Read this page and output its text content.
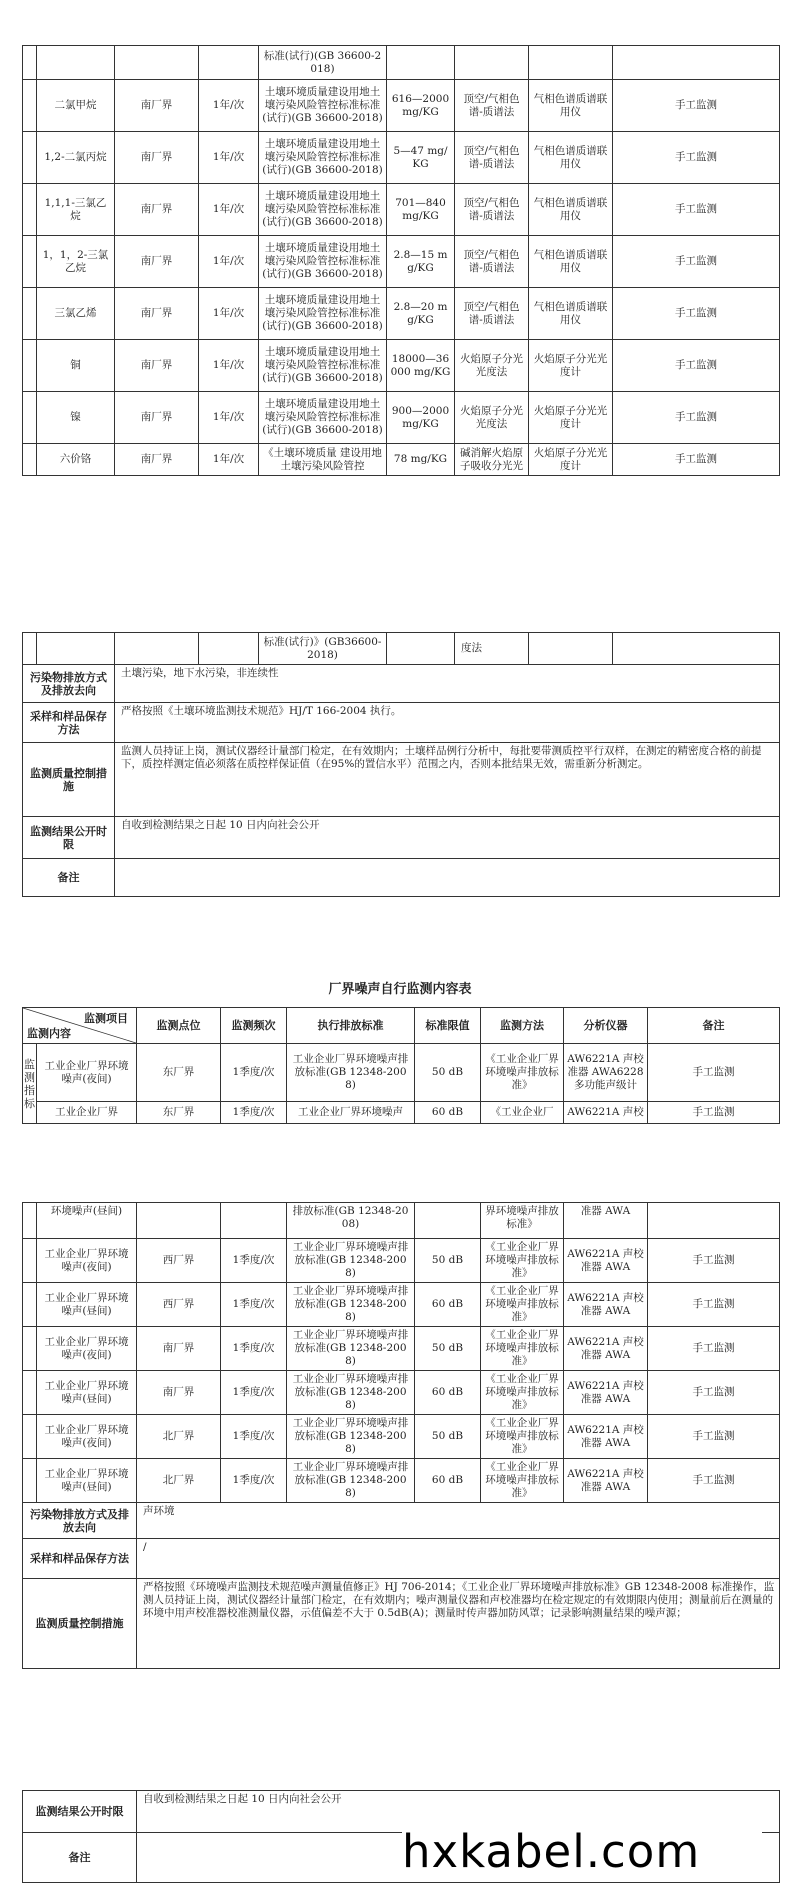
				标准(试行)(GB 36600-2018)				
	二氯甲烷	南厂界	1年/次	土壤环境质量建设用地土壤污染风险管控标准标准(试行)(GB 36600-2018)	616—2000 mg/KG	顶空/气相色谱-质谱法	气相色谱质谱联用仪	手工监测
	1,2-二氯丙烷	南厂界	1年/次	土壤环境质量建设用地土壤污染风险管控标准标准(试行)(GB 36600-2018)	5—47 mg/KG	顶空/气相色谱-质谱法	气相色谱质谱联用仪	手工监测
	1,1,1-三氯乙烷	南厂界	1年/次	土壤环境质量建设用地土壤污染风险管控标准标准(试行)(GB 36600-2018)	701—840 mg/KG	顶空/气相色谱-质谱法	气相色谱质谱联用仪	手工监测
	1，1，2-三氯乙烷	南厂界	1年/次	土壤环境质量建设用地土壤污染风险管控标准标准(试行)(GB 36600-2018)	2.8—15 mg/KG	顶空/气相色谱-质谱法	气相色谱质谱联用仪	手工监测
	三氯乙烯	南厂界	1年/次	土壤环境质量建设用地土壤污染风险管控标准标准(试行)(GB 36600-2018)	2.8—20 mg/KG	顶空/气相色谱-质谱法	气相色谱质谱联用仪	手工监测
	铜	南厂界	1年/次	土壤环境质量建设用地土壤污染风险管控标准标准(试行)(GB 36600-2018)	18000—36000 mg/KG	火焰原子分光光度法	火焰原子分光光度计	手工监测
	镍	南厂界	1年/次	土壤环境质量建设用地土壤污染风险管控标准标准(试行)(GB 36600-2018)	900—2000 mg/KG	火焰原子分光光度法	火焰原子分光光度计	手工监测
	六价铬	南厂界	1年/次	《土壤环境质量 建设用地土壤污染风险管控	78 mg/KG	碱消解火焰原子吸收分光光	火焰原子分光光度计	手工监测
				标准(试行)》(GB36600-2018)		度法		
污染物排放方式及排放去向		土壤污染，地下水污染，非连续性						
采样和样品保存方法		严格按照《土壤环境监测技术规范》HJ/T 166-2004 执行。						
监测质量控制措施		监测人员持证上岗，测试仪器经计量部门检定，在有效期内；土壤样品例行分析中，每批要带测质控平行双样，在测定的精密度合格的前提下，质控样测定值必须落在质控样保证值（在95%的置信水平）范围之内，否则本批结果无效，需重新分析测定。						
监测结果公开时限		自收到检测结果之日起 10 日内向社会公开						
备注								
厂界噪声自行监测内容表
监测项目
监测内容		监测点位	监测频次	执行排放标准	标准限值	监测方法	分析仪器	备注
监测指标	工业企业厂界环境噪声(夜间)	东厂界	1季度/次	工业企业厂界环境噪声排放标准(GB 12348-2008)	50 dB	《工业企业厂界环境噪声排放标准》	AW6221A 声校准器 AWA6228 多功能声级计	手工监测
	工业企业厂界	东厂界	1季度/次	工业企业厂界环境噪声	60 dB	《工业企业厂	AW6221A 声校	手工监测
	环境噪声(昼间)			排放标准(GB 12348-2008)		界环境噪声排放标准》	准器 AWA	
	工业企业厂界环境噪声(夜间)	西厂界	1季度/次	工业企业厂界环境噪声排放标准(GB 12348-2008)	50 dB	《工业企业厂界环境噪声排放标准》	AW6221A 声校准器 AWA	手工监测
	工业企业厂界环境噪声(昼间)	西厂界	1季度/次	工业企业厂界环境噪声排放标准(GB 12348-2008)	60 dB	《工业企业厂界环境噪声排放标准》	AW6221A 声校准器 AWA	手工监测
	工业企业厂界环境噪声(夜间)	南厂界	1季度/次	工业企业厂界环境噪声排放标准(GB 12348-2008)	50 dB	《工业企业厂界环境噪声排放标准》	AW6221A 声校准器 AWA	手工监测
	工业企业厂界环境噪声(昼间)	南厂界	1季度/次	工业企业厂界环境噪声排放标准(GB 12348-2008)	60 dB	《工业企业厂界环境噪声排放标准》	AW6221A 声校准器 AWA	手工监测
	工业企业厂界环境噪声(夜间)	北厂界	1季度/次	工业企业厂界环境噪声排放标准(GB 12348-2008)	50 dB	《工业企业厂界环境噪声排放标准》	AW6221A 声校准器 AWA	手工监测
	工业企业厂界环境噪声(昼间)	北厂界	1季度/次	工业企业厂界环境噪声排放标准(GB 12348-2008)	60 dB	《工业企业厂界环境噪声排放标准》	AW6221A 声校准器 AWA	手工监测
污染物排放方式及排放去向		声环境						
采样和样品保存方法		/						
监测质量控制措施		严格按照《环境噪声监测技术规范噪声测量值修正》HJ 706-2014；《工业企业厂界环境噪声排放标准》GB 12348-2008 标准操作，监测人员持证上岗，测试仪器经计量部门检定，在有效期内；噪声测量仪器和声校准器均在检定规定的有效期限内使用；测量前后在测量的环境中用声校准器校准测量仪器，示值偏差不大于 0.5dB(A)；测量时传声器加防风罩；记录影响测量结果的噪声源；						
监测结果公开时限	自收到检测结果之日起 10 日内向社会公开
备注		hxkabel.com
